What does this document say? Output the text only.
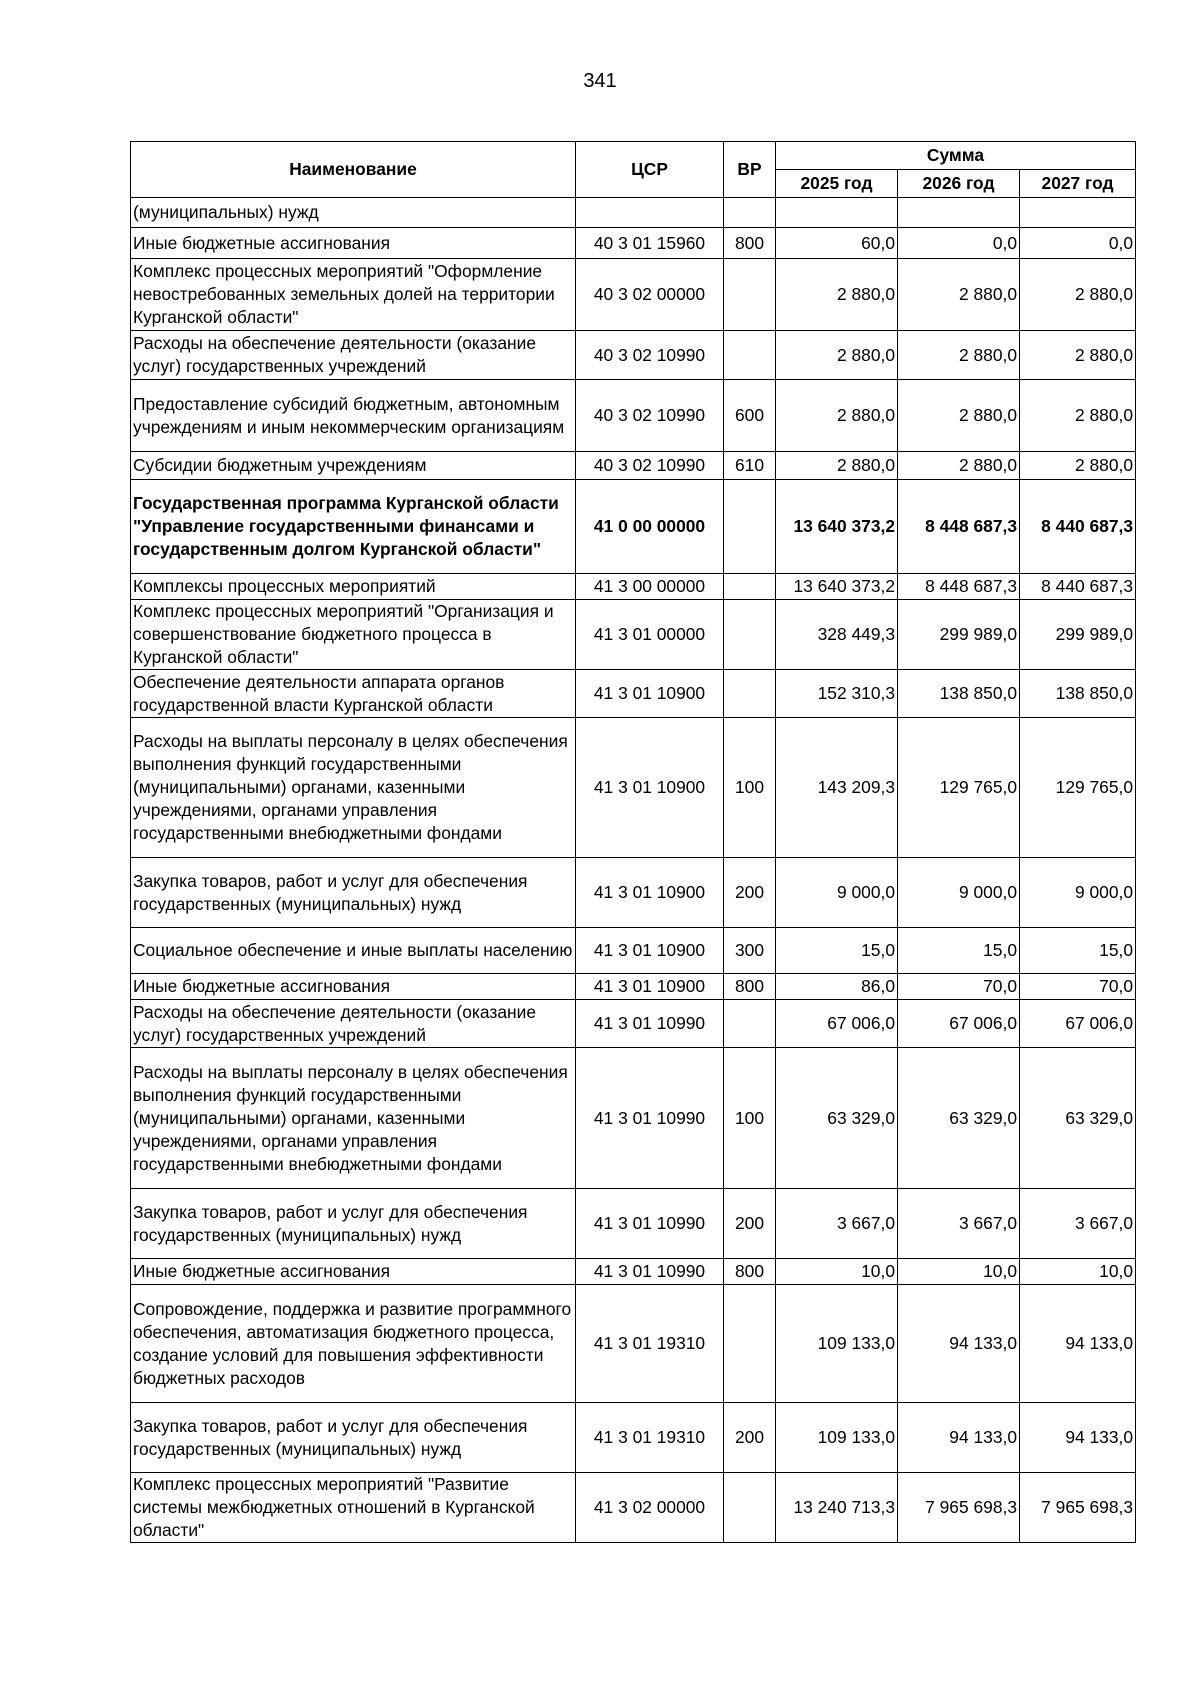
341
Наименование	ЦСР	ВР	Сумма		
			2025 год	2026 год	2027 год
(муниципальных) нужд					
Иные бюджетные ассигнования	40 3 01 15960	800	60,0	0,0	0,0
Комплекс процессных мероприятий "Оформление невостребованных земельных долей на территории Курганской области"	40 3 02 00000		2 880,0	2 880,0	2 880,0
Расходы на обеспечение деятельности (оказание услуг) государственных учреждений	40 3 02 10990		2 880,0	2 880,0	2 880,0
Предоставление субсидий бюджетным, автономным учреждениям и иным некоммерческим организациям	40 3 02 10990	600	2 880,0	2 880,0	2 880,0
Субсидии бюджетным учреждениям	40 3 02 10990	610	2 880,0	2 880,0	2 880,0
Государственная программа Курганской области "Управление государственными финансами и государственным долгом Курганской области"	41 0 00 00000		13 640 373,2	8 448 687,3	8 440 687,3
Комплексы процессных мероприятий	41 3 00 00000		13 640 373,2	8 448 687,3	8 440 687,3
Комплекс процессных мероприятий "Организация и совершенствование бюджетного процесса в Курганской области"	41 3 01 00000		328 449,3	299 989,0	299 989,0
Обеспечение деятельности аппарата органов государственной власти Курганской области	41 3 01 10900		152 310,3	138 850,0	138 850,0
Расходы на выплаты персоналу в целях обеспечения выполнения функций государственными (муниципальными) органами, казенными учреждениями, органами управления государственными внебюджетными фондами	41 3 01 10900	100	143 209,3	129 765,0	129 765,0
Закупка товаров, работ и услуг для обеспечения государственных (муниципальных) нужд	41 3 01 10900	200	9 000,0	9 000,0	9 000,0
Социальное обеспечение и иные выплаты населению	41 3 01 10900	300	15,0	15,0	15,0
Иные бюджетные ассигнования	41 3 01 10900	800	86,0	70,0	70,0
Расходы на обеспечение деятельности (оказание услуг) государственных учреждений	41 3 01 10990		67 006,0	67 006,0	67 006,0
Расходы на выплаты персоналу в целях обеспечения выполнения функций государственными (муниципальными) органами, казенными учреждениями, органами управления государственными внебюджетными фондами	41 3 01 10990	100	63 329,0	63 329,0	63 329,0
Закупка товаров, работ и услуг для обеспечения государственных (муниципальных) нужд	41 3 01 10990	200	3 667,0	3 667,0	3 667,0
Иные бюджетные ассигнования	41 3 01 10990	800	10,0	10,0	10,0
Сопровождение, поддержка и развитие программного обеспечения, автоматизация бюджетного процесса, создание условий для повышения эффективности бюджетных расходов	41 3 01 19310		109 133,0	94 133,0	94 133,0
Закупка товаров, работ и услуг для обеспечения государственных (муниципальных) нужд	41 3 01 19310	200	109 133,0	94 133,0	94 133,0
Комплекс процессных мероприятий "Развитие системы межбюджетных отношений в Курганской области"	41 3 02 00000		13 240 713,3	7 965 698,3	7 965 698,3
